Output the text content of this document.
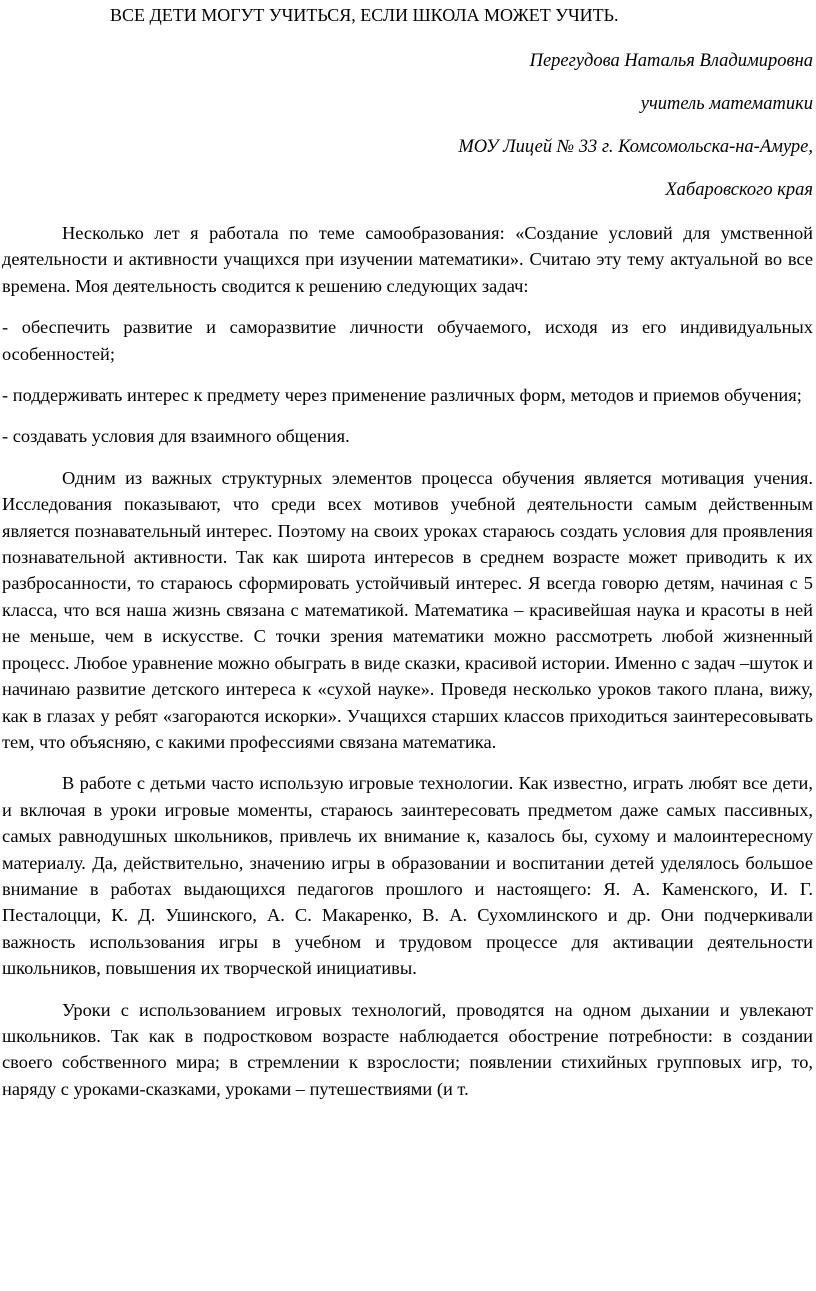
ВСЕ ДЕТИ МОГУТ УЧИТЬСЯ, ЕСЛИ ШКОЛА МОЖЕТ УЧИТЬ.

Перегудова Наталья Владимировна

учитель математики

МОУ Лицей № 33 г. Комсомольска-на-Амуре,

Хабаровского края

Несколько лет я работала по теме самообразования: «Создание условий для умственной деятельности и активности учащихся при изучении математики». Считаю эту тему актуальной во все времена. Моя деятельность сводится к решению следующих задач:

- обеспечить развитие и саморазвитие личности обучаемого, исходя из его индивидуальных особенностей;

- поддерживать интерес к предмету через применение различных форм, методов и приемов обучения;

- создавать условия для взаимного общения.

Одним из важных структурных элементов процесса обучения является мотивация учения. Исследования показывают, что среди всех мотивов учебной деятельности самым действенным является познавательный интерес. Поэтому на своих уроках стараюсь создать условия для проявления познавательной активности. Так как широта интересов в среднем возрасте может приводить к их разбросанности, то стараюсь сформировать устойчивый интерес. Я всегда говорю детям, начиная с 5 класса, что вся наша жизнь связана с математикой. Математика – красивейшая наука и красоты в ней не меньше, чем в искусстве. С точки зрения математики можно рассмотреть любой жизненный процесс. Любое уравнение можно обыграть в виде сказки, красивой истории. Именно с задач –шуток и начинаю развитие детского интереса к «сухой науке». Проведя несколько уроков такого плана, вижу, как в глазах у ребят «загораются искорки». Учащихся старших классов приходиться заинтересовывать тем, что объясняю, с какими профессиями связана математика.

В работе с детьми часто использую игровые технологии. Как известно, играть любят все дети, и включая в уроки игровые моменты, стараюсь заинтересовать предметом даже самых пассивных, самых равнодушных школьников, привлечь их внимание к, казалось бы, сухому и малоинтересному материалу. Да, действительно, значению игры в образовании и воспитании детей уделялось большое внимание в работах выдающихся педагогов прошлого и настоящего: Я. А. Каменского, И. Г. Песталоцци, К. Д. Ушинского, А. С. Макаренко, В. А. Сухомлинского и др. Они подчеркивали важность использования игры в учебном и трудовом процессе для активации деятельности школьников, повышения их творческой инициативы.

Уроки с использованием игровых технологий, проводятся на одном дыхании и увлекают школьников. Так как в подростковом возрасте наблюдается обострение потребности: в создании своего собственного мира; в стремлении к взрослости; появлении стихийных групповых игр, то, наряду с уроками-сказками, уроками – путешествиями (и т.
